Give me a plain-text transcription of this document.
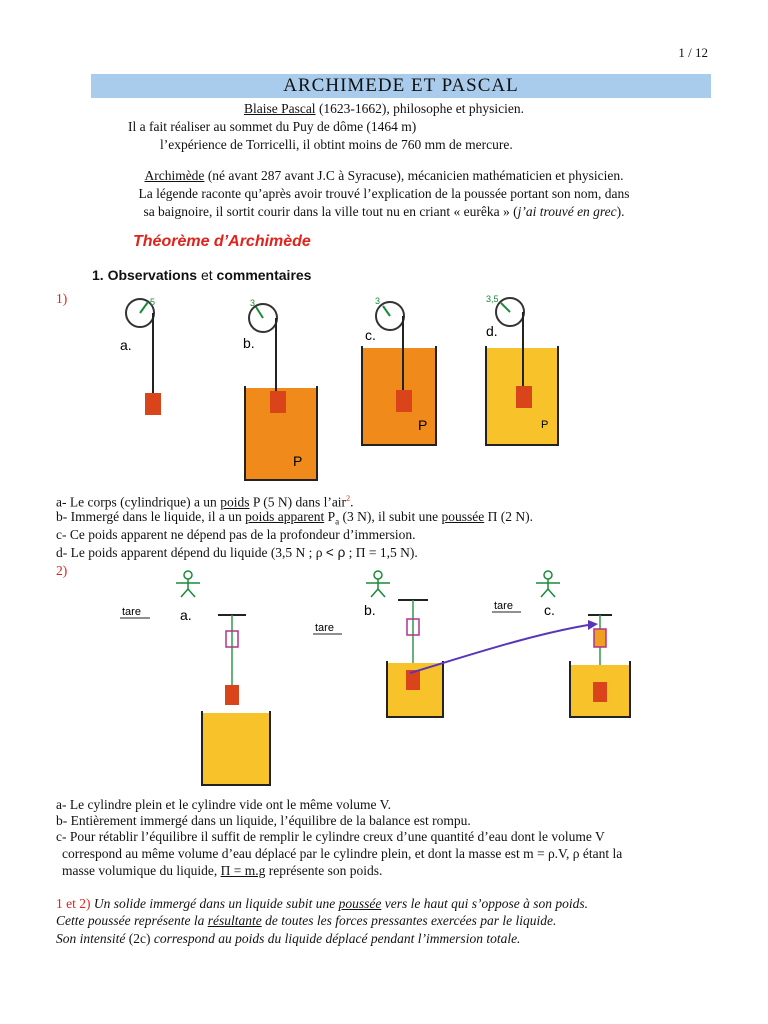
1 / 12
ARCHIMEDE ET PASCAL
Blaise Pascal (1623-1662), philosophe et physicien.
Il a fait réaliser au sommet du Puy de dôme (1464 m)
l’expérience de Torricelli, il obtint moins de 760 mm de mercure.
Archimède (né avant 287 avant J.C à Syracuse), mécanicien mathématicien et physicien.
La légende raconte qu’après avoir trouvé l’explication de la poussée portant son nom, dans
sa baignoire, il sortit courir dans la ville tout nu en criant « eurêka » (j’ai trouvé en grec).
Théorème d’Archimède
1. Observations et commentaires
1)	5
a.
3
b.
P
3
c.
P
3,5
d.
P
a- Le corps (cylindrique) a un poids P (5 N) dans l’air$^2$.
b- Immergé dans le liquide, il a un poids apparent $P_a$ (3 N), il subit une poussée Π (2 N).
c- Ce poids apparent ne dépend pas de la profondeur d’immersion.
d- Le poids apparent dépend du liquide (3,5 N ; ρ < ρ ; Π = 1,5 N).
2)
tare	a.
tare
b.	tare c.
a- Le cylindre plein et le cylindre vide ont le même volume V.
b- Entièrement immergé dans un liquide, l’équilibre de la balance est rompu.
c- Pour rétablir l’équilibre il suffit de remplir le cylindre creux d’une quantité d’eau dont le volume V
correspond au même volume d’eau déplacé par le cylindre plein, et dont la masse est m = ρ.V, ρ étant la
masse volumique du liquide, Π = m.g représente son poids.
1 et 2) Un solide immergé dans un liquide subit une poussée vers le haut qui s’oppose à son poids.
Cette poussée représente la résultante de toutes les forces pressantes exercées par le liquide.
Son intensité (2c) correspond au poids du liquide déplacé pendant l’immersion totale.
